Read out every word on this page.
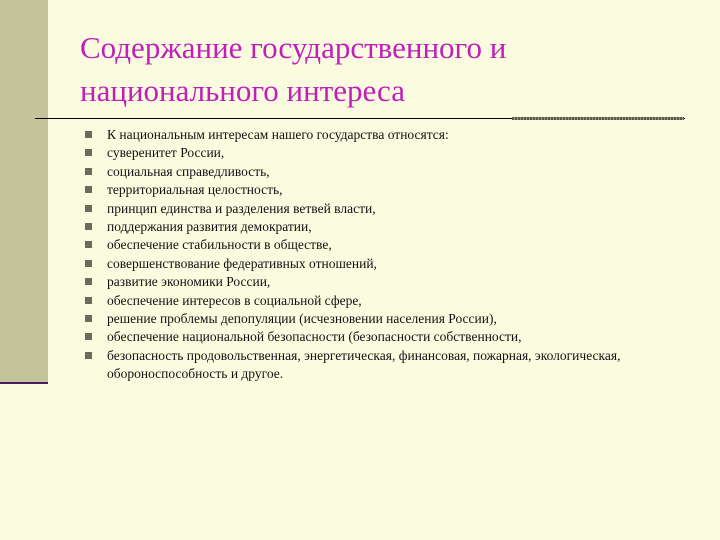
Содержание государственного и
национального интереса
К национальным интересам нашего государства относятся:
суверенитет России,
социальная справедливость,
территориальная целостность,
принцип единства и разделения ветвей власти,
поддержания развития демократии,
обеспечение стабильности в обществе,
совершенствование федеративных отношений,
развитие экономики России,
обеспечение интересов в социальной сфере,
решение проблемы депопуляции (исчезновении населения России),
обеспечение национальной безопасности (безопасности собственности,
безопасность продовольственная, энергетическая, финансовая, пожарная, экологическая, обороноспособность и другое.
